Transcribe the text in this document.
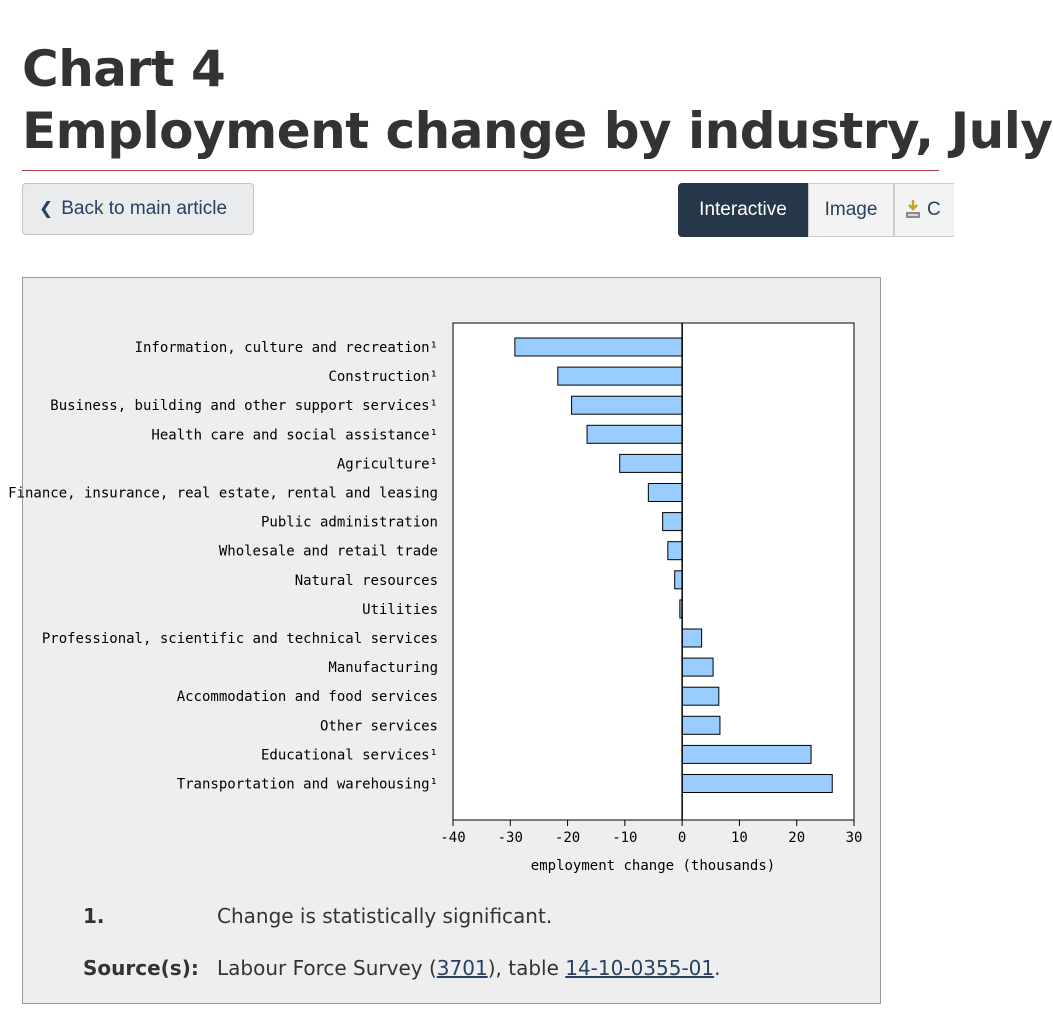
Chart 4
Employment change by industry, July
❮ Back to main article	Interactive Image	C
Information, culture and recreation¹
Construction¹
Business, building and other support services¹
Health care and social assistance¹
Agriculture¹
Finance, insurance, real estate, rental and leasing
Public administration
Wholesale and retail trade
Natural resources
Utilities
Professional, scientific and technical services
Manufacturing
Accommodation and food services
Other services
Educational services¹
Transportation and warehousing¹
-40 -30 -20 -10	0	10	20	30
employment change (thousands)
1.	Change is statistically significant.
Source(s): Labour Force Survey (3701), table 14-10-0355-01.
